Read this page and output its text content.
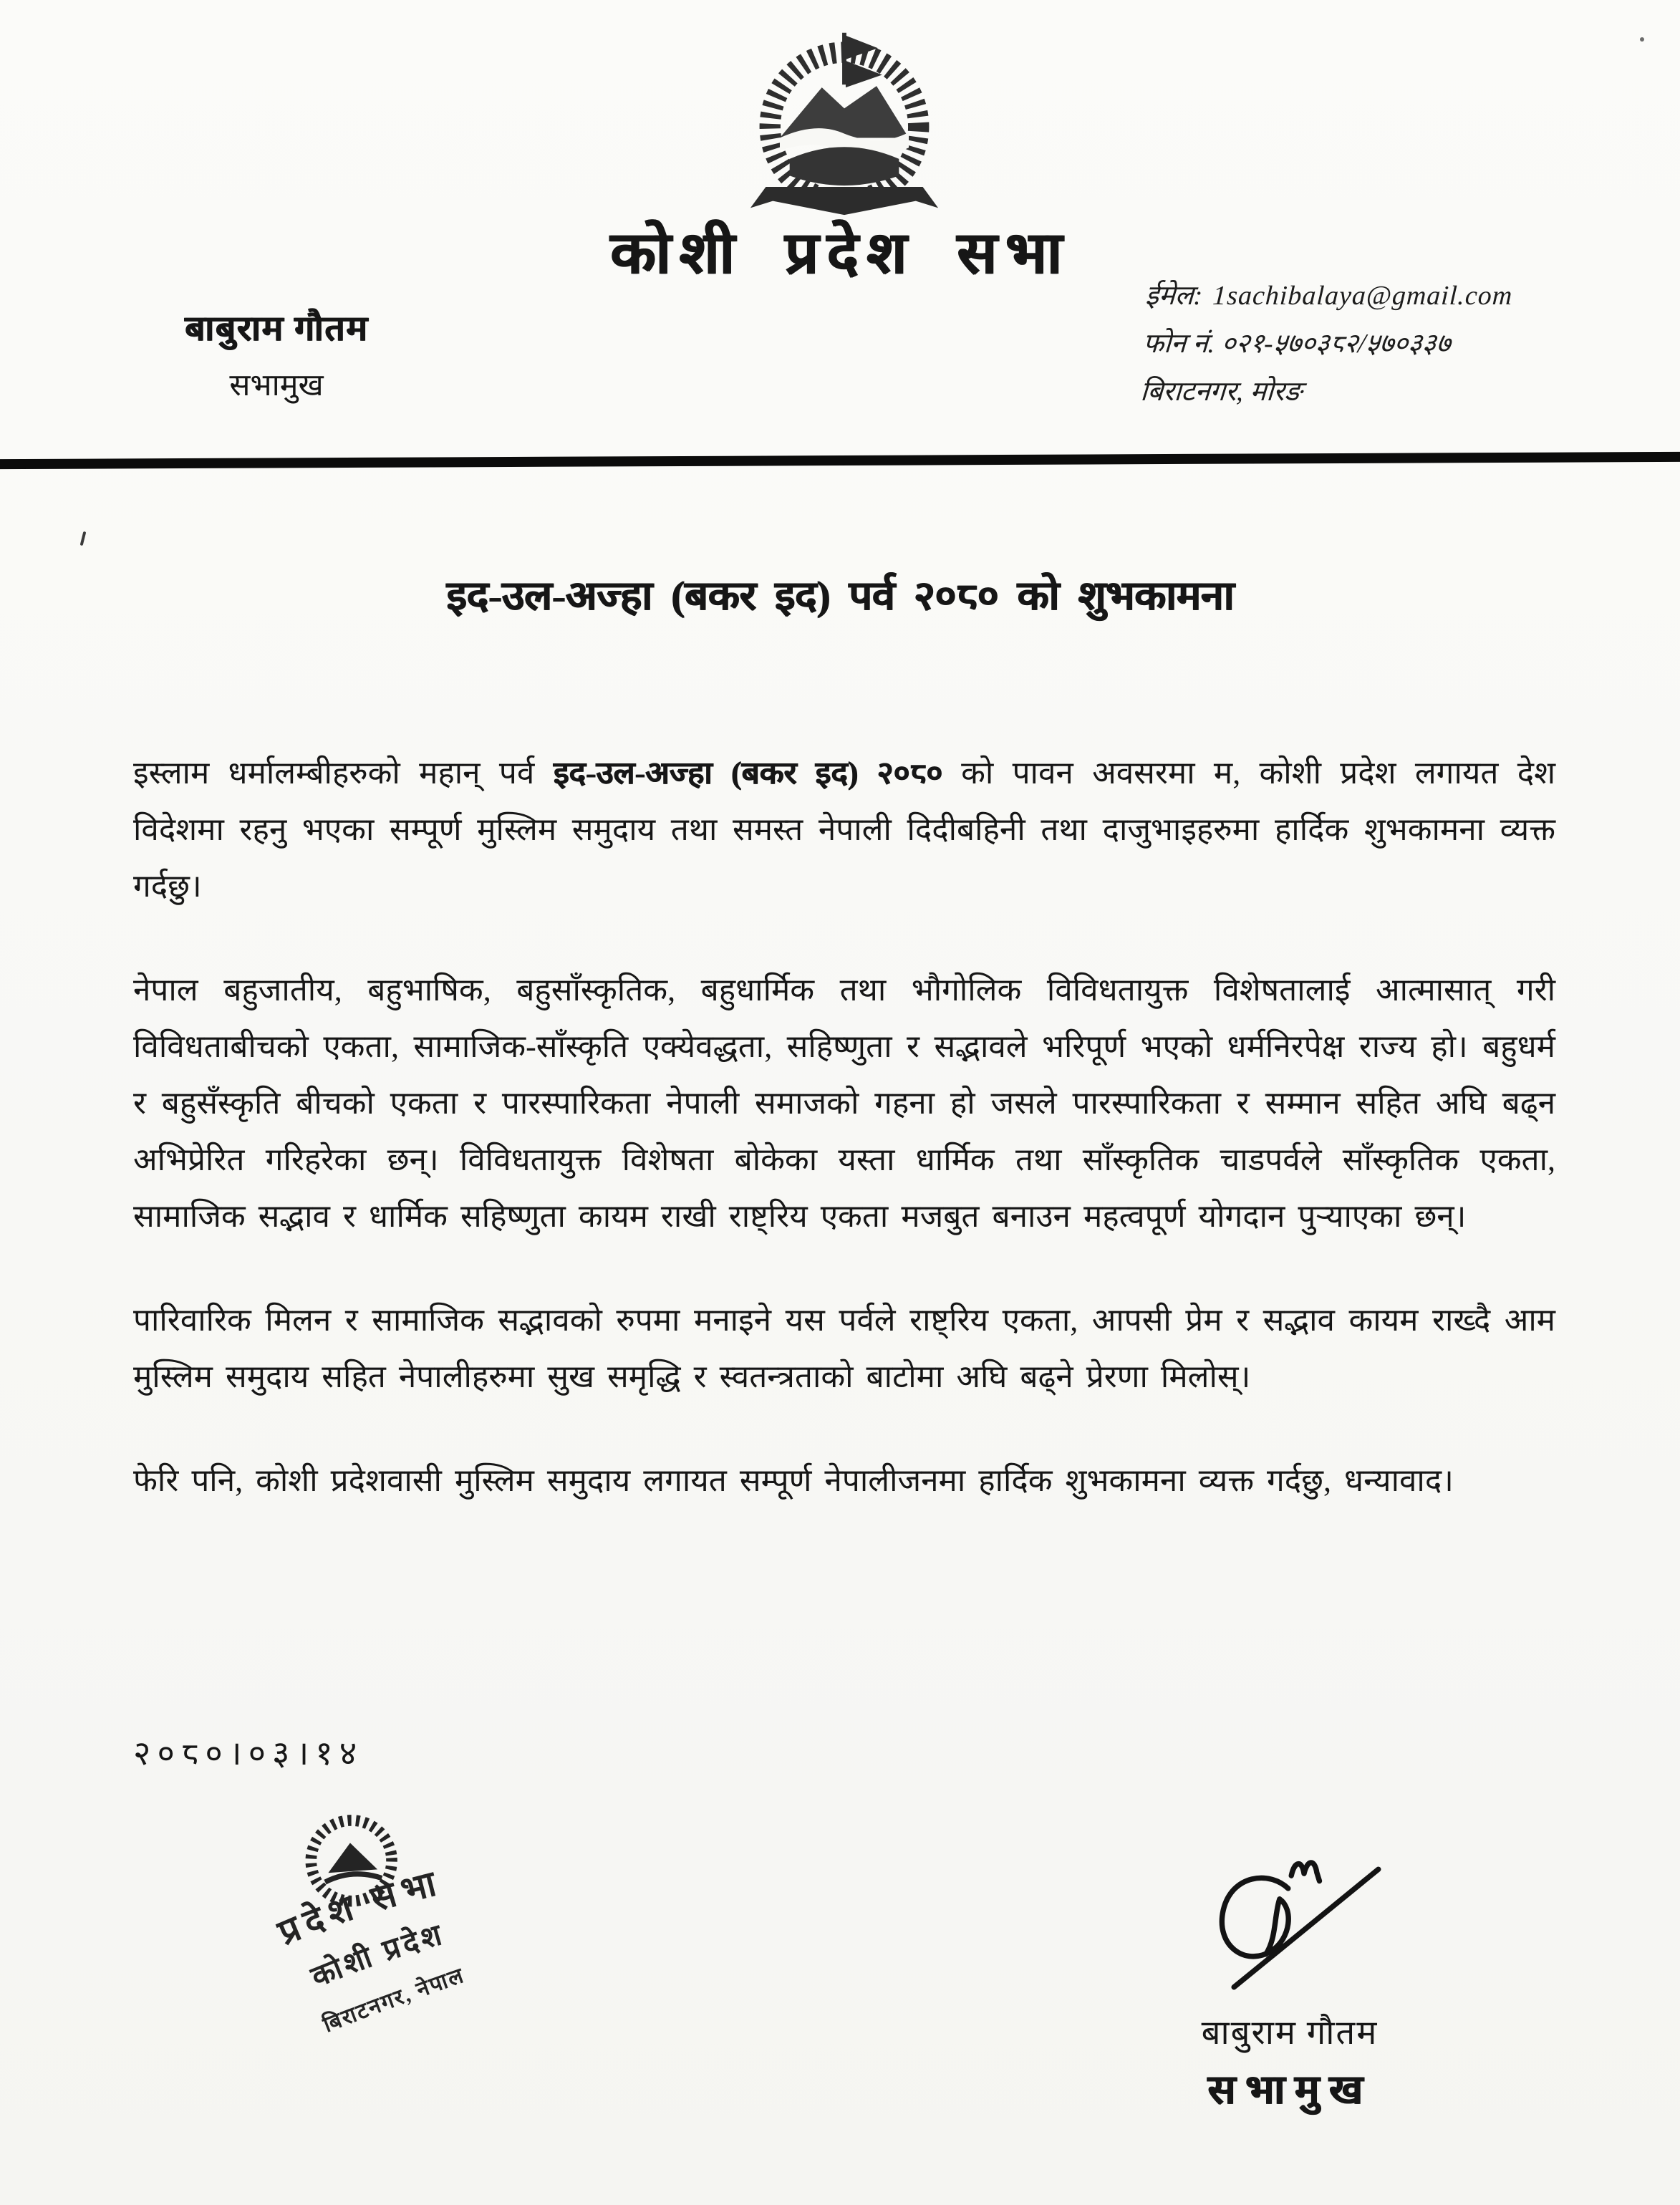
कोशी प्रदेश सभा
बाबुराम गौतम
सभामुख
ईमेल: 1sachibalaya@gmail.com
फोन नं. ०२१-५७०३८२/५७०३३७
बिराटनगर, मोरङ
इद-उल-अज्हा (बकर इद) पर्व २०८० को शुभकामना

इस्लाम धर्मालम्बीहरुको महान् पर्व इद-उल-अज्हा (बकर इद) २०८० को पावन अवसरमा म, कोशी प्रदेश लगायत देश विदेशमा रहनु भएका सम्पूर्ण मुस्लिम समुदाय तथा समस्त नेपाली दिदीबहिनी तथा दाजुभाइहरुमा हार्दिक शुभकामना व्यक्त गर्दछु।

नेपाल बहुजातीय, बहुभाषिक, बहुसाँस्कृतिक, बहुधार्मिक तथा भौगोलिक विविधतायुक्त विशेषतालाई आत्मासात् गरी विविधताबीचको एकता, सामाजिक-साँस्कृति एक्येवद्धता, सहिष्णुता र सद्भावले भरिपूर्ण भएको धर्मनिरपेक्ष राज्य हो। बहुधर्म र बहुसँस्कृति बीचको एकता र पारस्पारिकता नेपाली समाजको गहना हो जसले पारस्पारिकता र सम्मान सहित अघि बढ्न अभिप्रेरित गरिहरेका छन्। विविधतायुक्त विशेषता बोकेका यस्ता धार्मिक तथा साँस्कृतिक चाडपर्वले साँस्कृतिक एकता, सामाजिक सद्भाव र धार्मिक सहिष्णुता कायम राखी राष्ट्रिय एकता मजबुत बनाउन महत्वपूर्ण योगदान पुऱ्याएका छन्।

पारिवारिक मिलन र सामाजिक सद्भावको रुपमा मनाइने यस पर्वले राष्ट्रिय एकता, आपसी प्रेम र सद्भाव कायम राख्दै आम मुस्लिम समुदाय सहित नेपालीहरुमा सुख समृद्धि र स्वतन्त्रताको बाटोमा अघि बढ्ने प्रेरणा मिलोस्।

फेरि पनि, कोशी प्रदेशवासी मुस्लिम समुदाय लगायत सम्पूर्ण नेपालीजनमा हार्दिक शुभकामना व्यक्त गर्दछु, धन्यावाद।

२०८०।०३।१४
प्रदेश सभा
कोशी प्रदेश
बिराटनगर, नेपाल
बाबुराम गौतम
सभामुख
